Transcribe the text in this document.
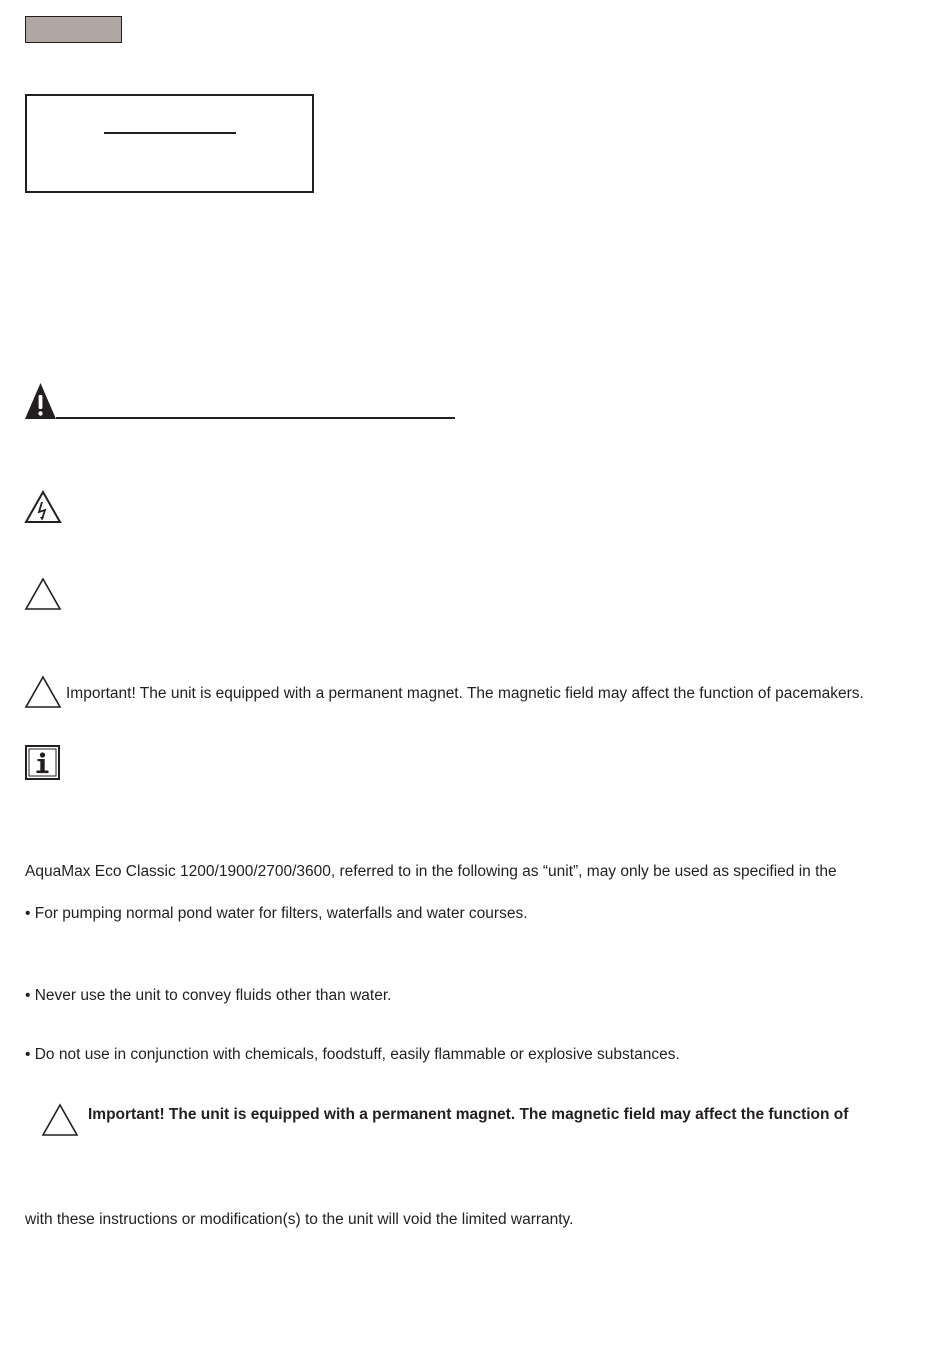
Important! The unit is equipped with a permanent magnet. The magnetic field may affect the function of pacemakers.
AquaMax Eco Classic 1200/1900/2700/3600, referred to in the following as “unit”, may only be used as specified in the
• For pumping normal pond water for filters, waterfalls and water courses.
• Never use the unit to convey fluids other than water.
• Do not use in conjunction with chemicals, foodstuff, easily flammable or explosive substances.
Important! The unit is equipped with a permanent magnet. The magnetic field may affect the function of
with these instructions or modification(s) to the unit will void the limited warranty.
